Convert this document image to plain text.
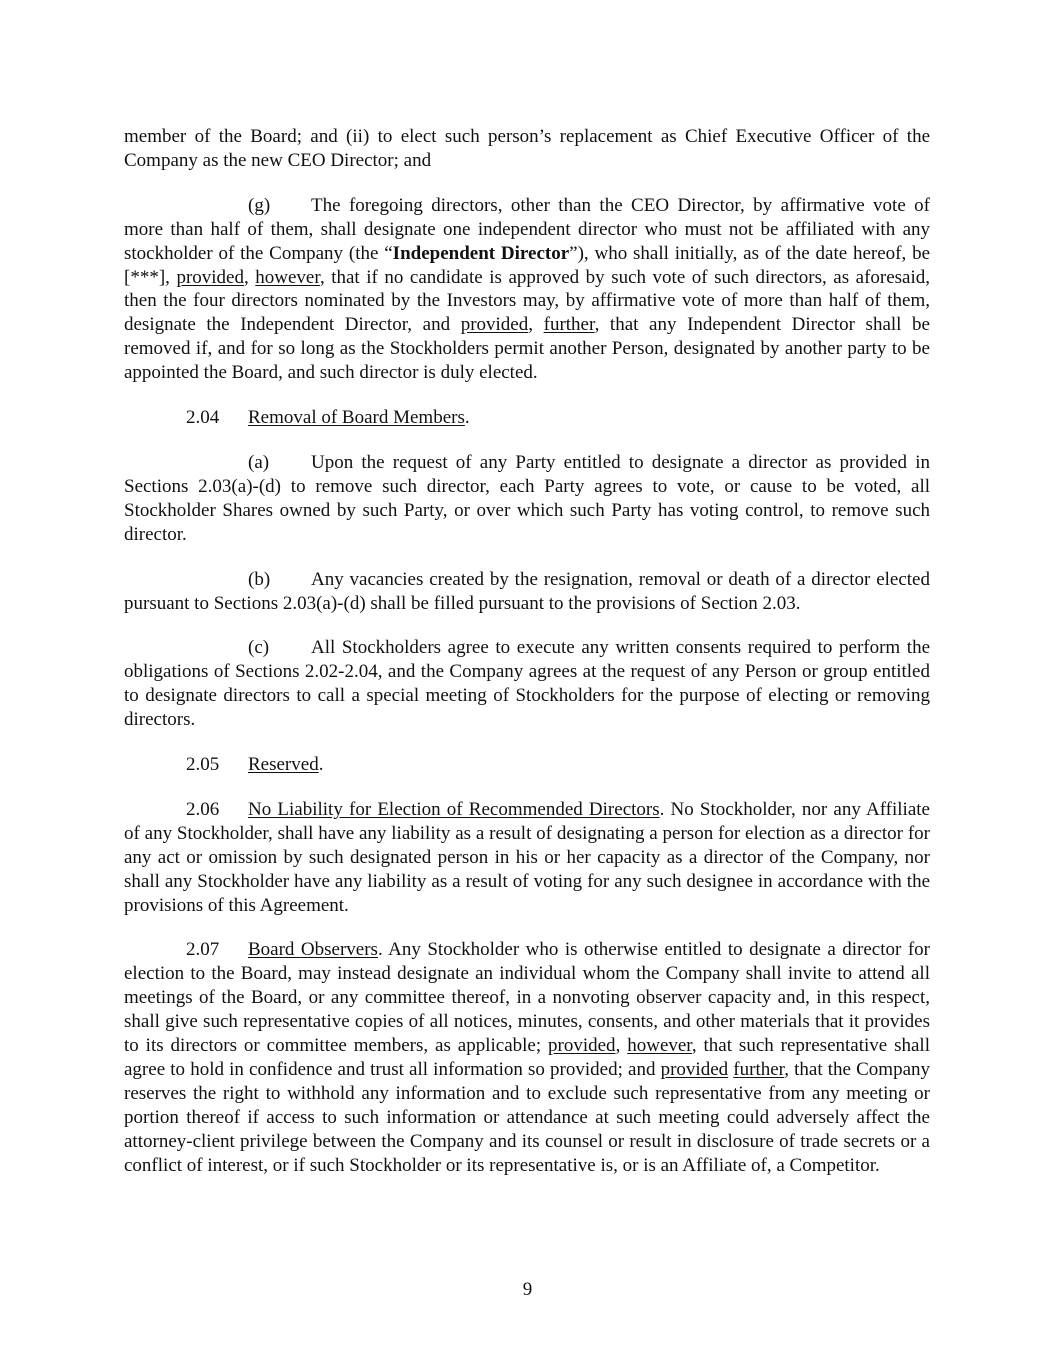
member of the Board; and (ii) to elect such person’s replacement as Chief Executive Officer of the Company as the new CEO Director; and

(g) The foregoing directors, other than the CEO Director, by affirmative vote of more than half of them, shall designate one independent director who must not be affiliated with any stockholder of the Company (the “Independent Director”), who shall initially, as of the date hereof, be [***], provided, however, that if no candidate is approved by such vote of such directors, as aforesaid, then the four directors nominated by the Investors may, by affirmative vote of more than half of them, designate the Independent Director, and provided, further, that any Independent Director shall be removed if, and for so long as the Stockholders permit another Person, designated by another party to be appointed the Board, and such director is duly elected.

2.04 Removal of Board Members.

(a) Upon the request of any Party entitled to designate a director as provided in Sections 2.03(a)-(d) to remove such director, each Party agrees to vote, or cause to be voted, all Stockholder Shares owned by such Party, or over which such Party has voting control, to remove such director.

(b) Any vacancies created by the resignation, removal or death of a director elected pursuant to Sections 2.03(a)-(d) shall be filled pursuant to the provisions of Section 2.03.

(c) All Stockholders agree to execute any written consents required to perform the obligations of Sections 2.02-2.04, and the Company agrees at the request of any Person or group entitled to designate directors to call a special meeting of Stockholders for the purpose of electing or removing directors.

2.05 Reserved.

2.06 No Liability for Election of Recommended Directors. No Stockholder, nor any Affiliate of any Stockholder, shall have any liability as a result of designating a person for election as a director for any act or omission by such designated person in his or her capacity as a director of the Company, nor shall any Stockholder have any liability as a result of voting for any such designee in accordance with the provisions of this Agreement.

2.07 Board Observers. Any Stockholder who is otherwise entitled to designate a director for election to the Board, may instead designate an individual whom the Company shall invite to attend all meetings of the Board, or any committee thereof, in a nonvoting observer capacity and, in this respect, shall give such representative copies of all notices, minutes, consents, and other materials that it provides to its directors or committee members, as applicable; provided, however, that such representative shall agree to hold in confidence and trust all information so provided; and provided further, that the Company reserves the right to withhold any information and to exclude such representative from any meeting or portion thereof if access to such information or attendance at such meeting could adversely affect the attorney-client privilege between the Company and its counsel or result in disclosure of trade secrets or a conflict of interest, or if such Stockholder or its representative is, or is an Affiliate of, a Competitor.

9
